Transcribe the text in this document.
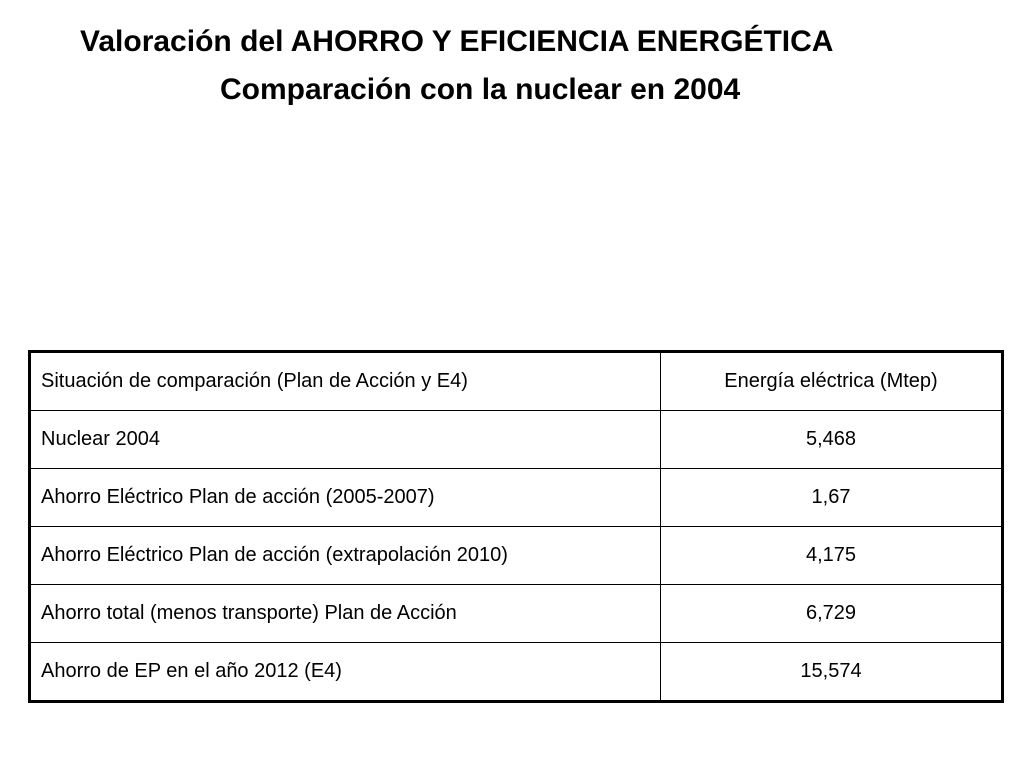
Valoración del AHORRO Y EFICIENCIA ENERGÉTICA
Comparación con la nuclear en 2004
Situación de comparación (Plan de Acción y E4)	Energía eléctrica (Mtep)
Nuclear 2004	5,468
Ahorro Eléctrico Plan de acción (2005-2007)	1,67
Ahorro Eléctrico Plan de acción (extrapolación 2010)	4,175
Ahorro total (menos transporte) Plan de Acción	6,729
Ahorro de EP en el año 2012 (E4)	15,574
